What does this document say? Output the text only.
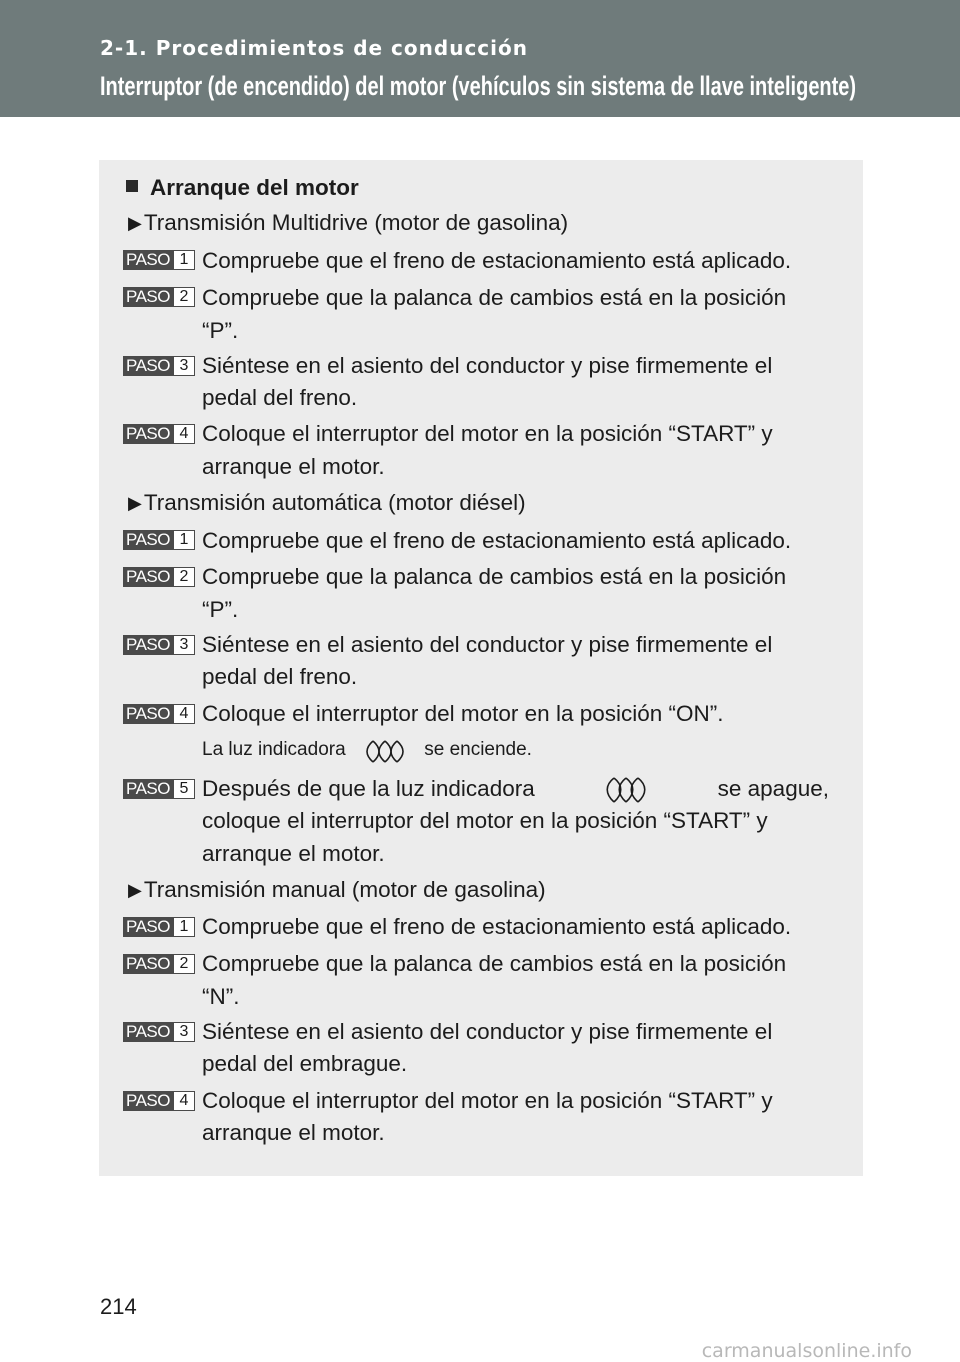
2-1. Procedimientos de conducción
Interruptor (de encendido) del motor (vehículos sin sistema de llave inteligente)
Arranque del motor
▶Transmisión Multidrive (motor de gasolina)
PASO 1 Compruebe que el freno de estacionamiento está aplicado.
PASO 2 Compruebe que la palanca de cambios está en la posición
“P”.
PASO 3 Siéntese en el asiento del conductor y pise firmemente el
pedal del freno.
PASO 4 Coloque el interruptor del motor en la posición “START” y
arranque el motor.
▶Transmisión automática (motor diésel)
PASO 1 Compruebe que el freno de estacionamiento está aplicado.
PASO 2 Compruebe que la palanca de cambios está en la posición
“P”.
PASO 3 Siéntese en el asiento del conductor y pise firmemente el
pedal del freno.
PASO 4 Coloque el interruptor del motor en la posición “ON”.
La luz indicadora	se enciende.
PASO 5 Después de que la luz indicadora	se apague,
coloque el interruptor del motor en la posición “START” y
arranque el motor.
▶Transmisión manual (motor de gasolina)
PASO 1 Compruebe que el freno de estacionamiento está aplicado.
PASO 2 Compruebe que la palanca de cambios está en la posición
“N”.
PASO 3 Siéntese en el asiento del conductor y pise firmemente el
pedal del embrague.
PASO 4 Coloque el interruptor del motor en la posición “START” y
arranque el motor.
214
carmanualsonline.info
